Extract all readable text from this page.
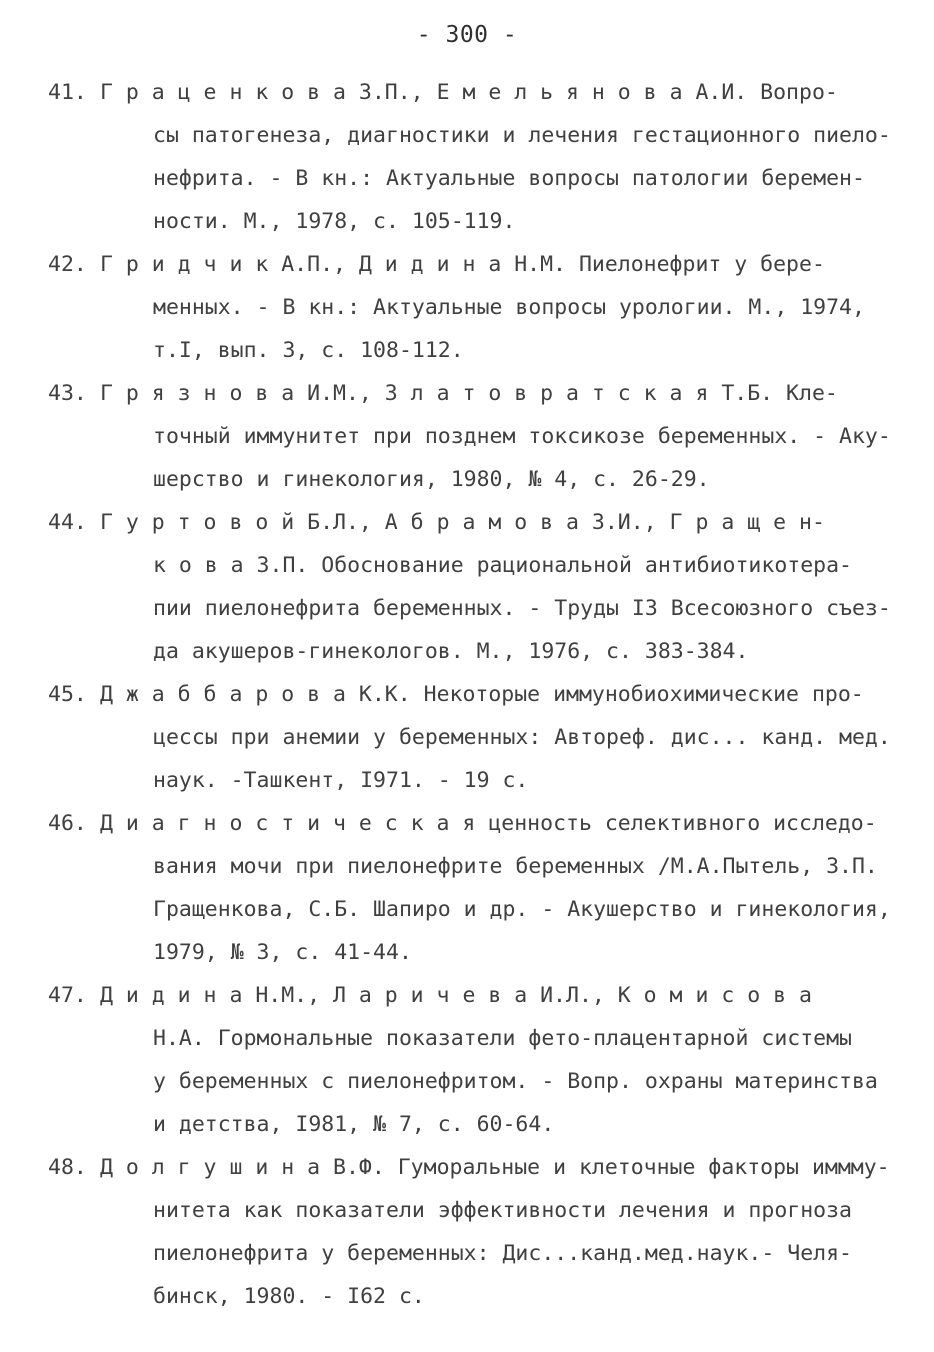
- 300 -
41. Г р а ц е н к о в а З.П., Е м е л ь я н о в а А.И. Вопро-
сы патогенеза, диагностики и лечения гестационного пиело-
нефрита. - В кн.: Актуальные вопросы патологии беремен-
ности. М., 1978, с. 105-119.
42. Г р и д ч и к А.П., Д и д и н а Н.М. Пиелонефрит у бере-
менных. - В кн.: Актуальные вопросы урологии. М., 1974,
т.I, вып. 3, с. 108-112.
43. Г р я з н о в а И.М., З л а т о в р а т с к а я Т.Б. Кле-
точный иммунитет при позднем токсикозе беременных. - Аку-
шерство и гинекология, 1980, № 4, с. 26-29.
44. Г у р т о в о й Б.Л., А б р а м о в а З.И., Г р а щ е н-
к о в а З.П. Обоснование рациональной антибиотикотера-
пии пиелонефрита беременных. - Труды I3 Всесоюзного съез-
да акушеров-гинекологов. М., 1976, с. 383-384.
45. Д ж а б б а р о в а К.К. Некоторые иммунобиохимические про-
цессы при анемии у беременных: Автореф. дис... канд. мед.
наук. -Ташкент, I971. - 19 с.
46. Д и а г н о с т и ч е с к а я ценность селективного исследо-
вания мочи при пиелонефрите беременных /М.А.Пытель, З.П.
Гращенкова, С.Б. Шапиро и др. - Акушерство и гинекология,
1979, № 3, с. 41-44.
47. Д и д и н а Н.М., Л а р и ч е в а И.Л., К о м и с о в а
Н.А. Гормональные показатели фето-плацентарной системы
у беременных с пиелонефритом. - Вопр. охраны материнства
и детства, I981, № 7, с. 60-64.
48. Д о л г у ш и н а В.Ф. Гуморальные и клеточные факторы иммму-
нитета как показатели эффективности лечения и прогноза
пиелонефрита у беременных: Дис...канд.мед.наук.- Челя-
бинск, 1980. - I62 с.
